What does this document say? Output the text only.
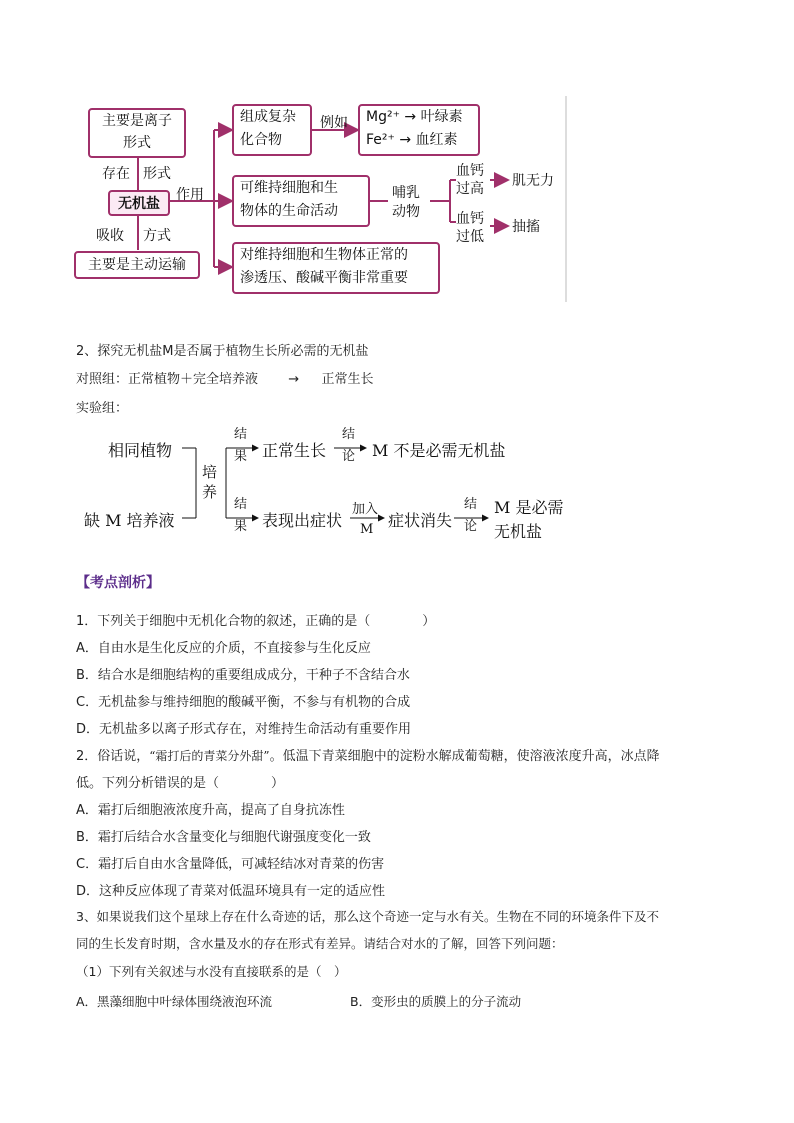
主要是离子
形式
存在 形式
无机盐
作用
吸收 方式
主要是主动运输
组成复杂
化合物
例如 Mg²⁺ → 叶绿素
Fe²⁺ → 血红素
可维持细胞和生
物体的生命活动
哺乳
动物
血钙
过高 肌无力
血钙
过低
抽搐
对维持细胞和生物体正常的
渗透压、酸碱平衡非常重要
2、探究无机盐M是否属于植物生长所必需的无机盐
对照组：正常植物＋完全培养液 → 正常生长
实验组：
相同植物
缺 M 培养液
培
养
结
果 正常生长
结
论 M 不是必需无机盐
结
果 表现出症状
加入
M 症状消失
结
论
M 是必需
无机盐
【考点剖析】
1．下列关于细胞中无机化合物的叙述，正确的是（　　　　）
A．自由水是生化反应的介质，不直接参与生化反应
B．结合水是细胞结构的重要组成成分，干种子不含结合水
C．无机盐参与维持细胞的酸碱平衡，不参与有机物的合成
D．无机盐多以离子形式存在，对维持生命活动有重要作用
2．俗话说，“霜打后的青菜分外甜”。低温下青菜细胞中的淀粉水解成葡萄糖，使溶液浓度升高，冰点降
低。下列分析错误的是（　　　　）
A．霜打后细胞液浓度升高，提高了自身抗冻性
B．霜打后结合水含量变化与细胞代谢强度变化一致
C．霜打后自由水含量降低，可减轻结冰对青菜的伤害
D．这种反应体现了青菜对低温环境具有一定的适应性
3、如果说我们这个星球上存在什么奇迹的话，那么这个奇迹一定与水有关。生物在不同的环境条件下及不
同的生长发育时期，含水量及水的存在形式有差异。请结合对水的了解，回答下列问题：
（1）下列有关叙述与水没有直接联系的是（　）
A．黑藻细胞中叶绿体围绕液泡环流	B．变形虫的质膜上的分子流动
